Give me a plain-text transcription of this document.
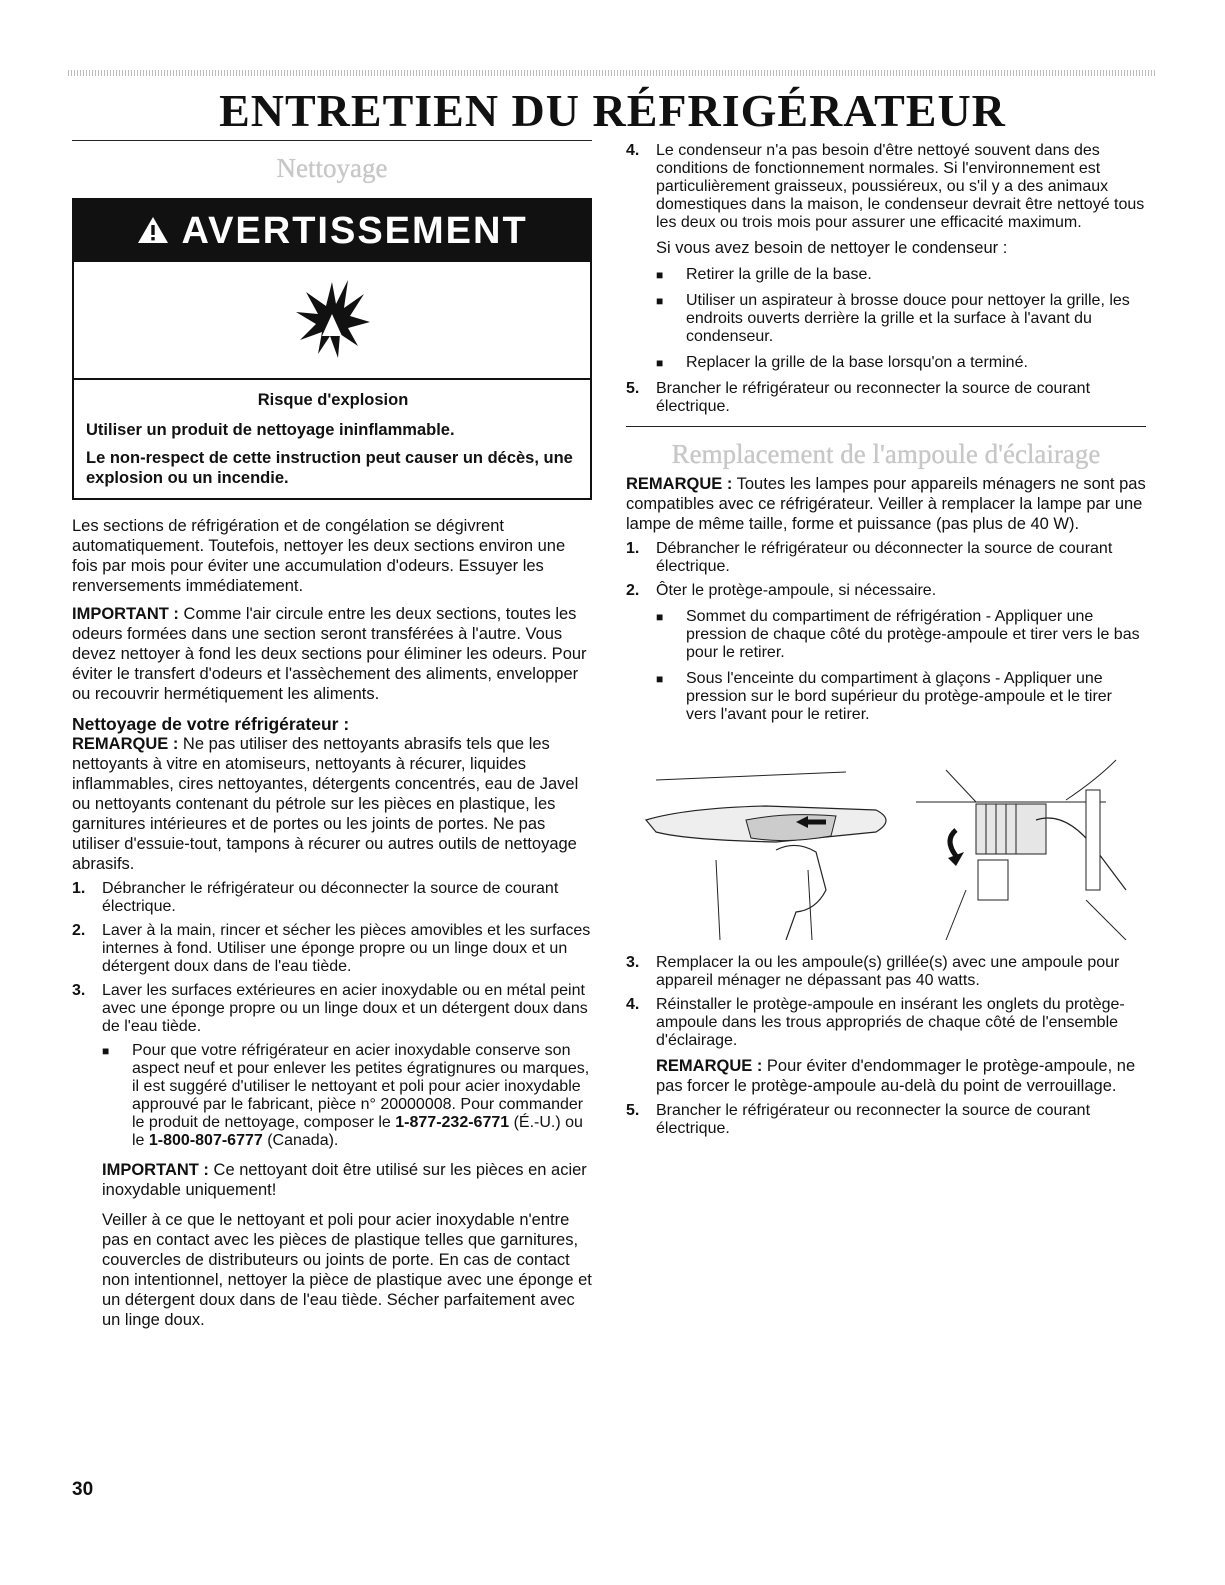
ENTRETIEN DU RÉFRIGÉRATEUR
Nettoyage
AVERTISSEMENT

Risque d'explosion

Utiliser un produit de nettoyage ininflammable.

Le non-respect de cette instruction peut causer un décès, une explosion ou un incendie.

Les sections de réfrigération et de congélation se dégivrent automatiquement. Toutefois, nettoyer les deux sections environ une fois par mois pour éviter une accumulation d'odeurs. Essuyer les renversements immédiatement.

IMPORTANT : Comme l'air circule entre les deux sections, toutes les odeurs formées dans une section seront transférées à l'autre. Vous devez nettoyer à fond les deux sections pour éliminer les odeurs. Pour éviter le transfert d'odeurs et l'assèchement des aliments, envelopper ou recouvrir hermétiquement les aliments.

Nettoyage de votre réfrigérateur :

REMARQUE : Ne pas utiliser des nettoyants abrasifs tels que les nettoyants à vitre en atomiseurs, nettoyants à récurer, liquides inflammables, cires nettoyantes, détergents concentrés, eau de Javel ou nettoyants contenant du pétrole sur les pièces en plastique, les garnitures intérieures et de portes ou les joints de portes. Ne pas utiliser d'essuie-tout, tampons à récurer ou autres outils de nettoyage abrasifs.

1. Débrancher le réfrigérateur ou déconnecter la source de courant électrique.
2. Laver à la main, rincer et sécher les pièces amovibles et les surfaces internes à fond. Utiliser une éponge propre ou un linge doux et un détergent doux dans de l'eau tiède.
3. Laver les surfaces extérieures en acier inoxydable ou en métal peint avec une éponge propre ou un linge doux et un détergent doux dans de l'eau tiède.
■ Pour que votre réfrigérateur en acier inoxydable conserve son aspect neuf et pour enlever les petites égratignures ou marques, il est suggéré d'utiliser le nettoyant et poli pour acier inoxydable approuvé par le fabricant, pièce n° 20000008. Pour commander le produit de nettoyage, composer le 1-877-232-6771 (É.-U.) ou le 1-800-807-6777 (Canada).

IMPORTANT : Ce nettoyant doit être utilisé sur les pièces en acier inoxydable uniquement!

Veiller à ce que le nettoyant et poli pour acier inoxydable n'entre pas en contact avec les pièces de plastique telles que garnitures, couvercles de distributeurs ou joints de porte. En cas de contact non intentionnel, nettoyer la pièce de plastique avec une éponge et un détergent doux dans de l'eau tiède. Sécher parfaitement avec un linge doux.

4. Le condenseur n'a pas besoin d'être nettoyé souvent dans des conditions de fonctionnement normales. Si l'environnement est particulièrement graisseux, poussiéreux, ou s'il y a des animaux domestiques dans la maison, le condenseur devrait être nettoyé tous les deux ou trois mois pour assurer une efficacité maximum.

Si vous avez besoin de nettoyer le condenseur :

■ Retirer la grille de la base.
■ Utiliser un aspirateur à brosse douce pour nettoyer la grille, les endroits ouverts derrière la grille et la surface à l'avant du condenseur.
■ Replacer la grille de la base lorsqu'on a terminé.
5. Brancher le réfrigérateur ou reconnecter la source de courant électrique.
Remplacement de l'ampoule d'éclairage

REMARQUE : Toutes les lampes pour appareils ménagers ne sont pas compatibles avec ce réfrigérateur. Veiller à remplacer la lampe par une lampe de même taille, forme et puissance (pas plus de 40 W).

1. Débrancher le réfrigérateur ou déconnecter la source de courant électrique.
2. Ôter le protège-ampoule, si nécessaire.
■ Sommet du compartiment de réfrigération - Appliquer une pression de chaque côté du protège-ampoule et tirer vers le bas pour le retirer.
■ Sous l'enceinte du compartiment à glaçons - Appliquer une pression sur le bord supérieur du protège-ampoule et le tirer vers l'avant pour le retirer.
3. Remplacer la ou les ampoule(s) grillée(s) avec une ampoule pour appareil ménager ne dépassant pas 40 watts.
4. Réinstaller le protège-ampoule en insérant les onglets du protège-ampoule dans les trous appropriés de chaque côté de l'ensemble d'éclairage.

REMARQUE : Pour éviter d'endommager le protège-ampoule, ne pas forcer le protège-ampoule au-delà du point de verrouillage.

5. Brancher le réfrigérateur ou reconnecter la source de courant électrique.

30
